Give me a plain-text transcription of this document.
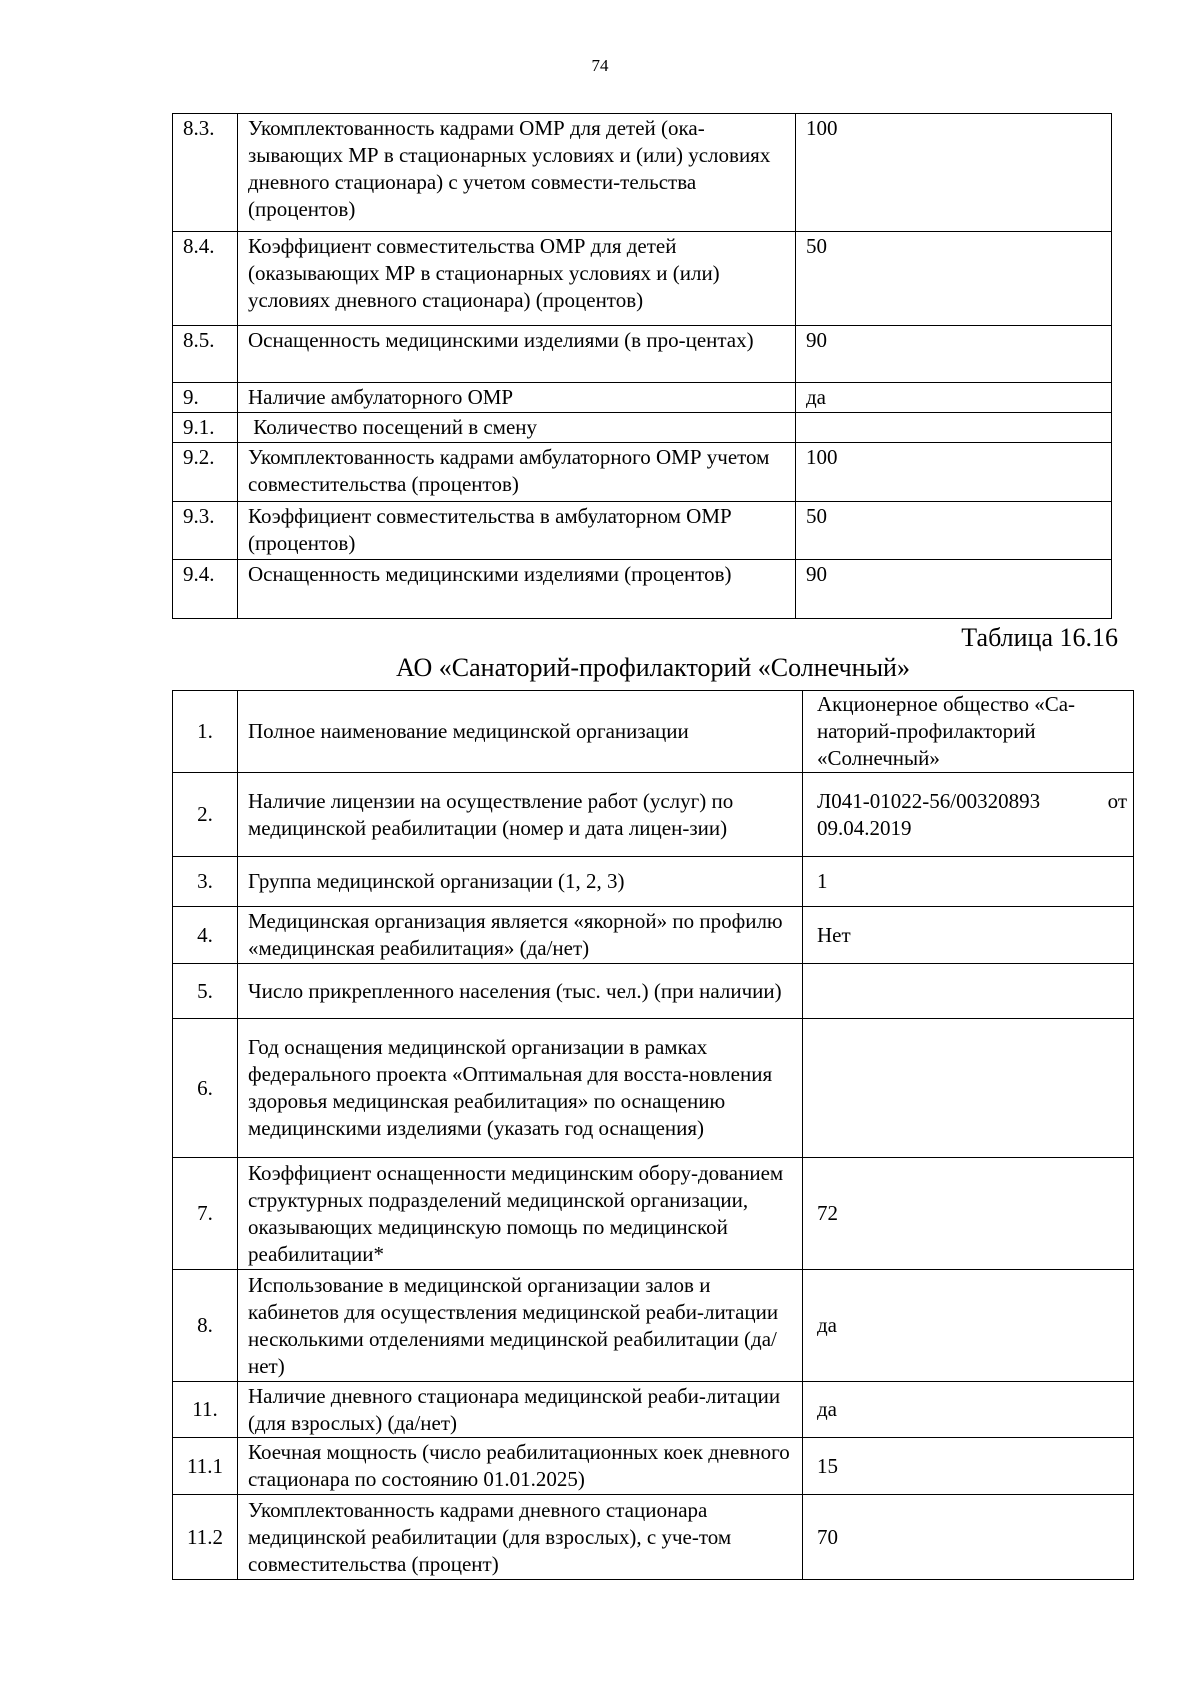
74
8.3.	Укомплектованность кадрами ОМР для детей (ока-зывающих МР в стационарных условиях и (или) условиях дневного стационара) с учетом совмести-тельства (процентов)	100
8.4.	Коэффициент совместительства ОМР для детей (оказывающих МР в стационарных условиях и (или) условиях дневного стационара) (процентов)	50
8.5.	Оснащенность медицинскими изделиями (в про-центах)	90
9.	Наличие амбулаторного ОМР	да
9.1.	Количество посещений в смену	
9.2.	Укомплектованность кадрами амбулаторного ОМР учетом совместительства (процентов)	100
9.3.	Коэффициент совместительства в амбулаторном ОМР (процентов)	50
9.4.	Оснащенность медицинскими изделиями (процентов)	90
Таблица 16.16
АО «Санаторий-профилакторий «Солнечный»
1.	Полное наименование медицинской организации	Акционерное общество «Са-наторий-профилакторий «Солнечный»
2.	Наличие лицензии на осуществление работ (услуг) по медицинской реабилитации (номер и дата лицен-зии)	Л041-01022-56/00320893 от
09.04.2019
3.	Группа медицинской организации (1, 2, 3)	1
4.	Медицинская организация является «якорной» по профилю «медицинская реабилитация» (да/нет)	Нет
5.	Число прикрепленного населения (тыс. чел.) (при наличии)	
6.	Год оснащения медицинской организации в рамках федерального проекта «Оптимальная для восста-новления здоровья медицинская реабилитация» по оснащению медицинскими изделиями (указать год оснащения)	
7.	Коэффициент оснащенности медицинским обору-дованием структурных подразделений медицинской организации, оказывающих медицинскую помощь по медицинской реабилитации*	72
8.	Использование в медицинской организации залов и кабинетов для осуществления медицинской реаби-литации несколькими отделениями медицинской реабилитации (да/нет)	да
11.	Наличие дневного стационара медицинской реаби-литации (для взрослых) (да/нет)	да
11.1	Коечная мощность (число реабилитационных коек дневного стационара по состоянию 01.01.2025)	15
11.2	Укомплектованность кадрами дневного стационара медицинской реабилитации (для взрослых), с уче-том совместительства (процент)	70
